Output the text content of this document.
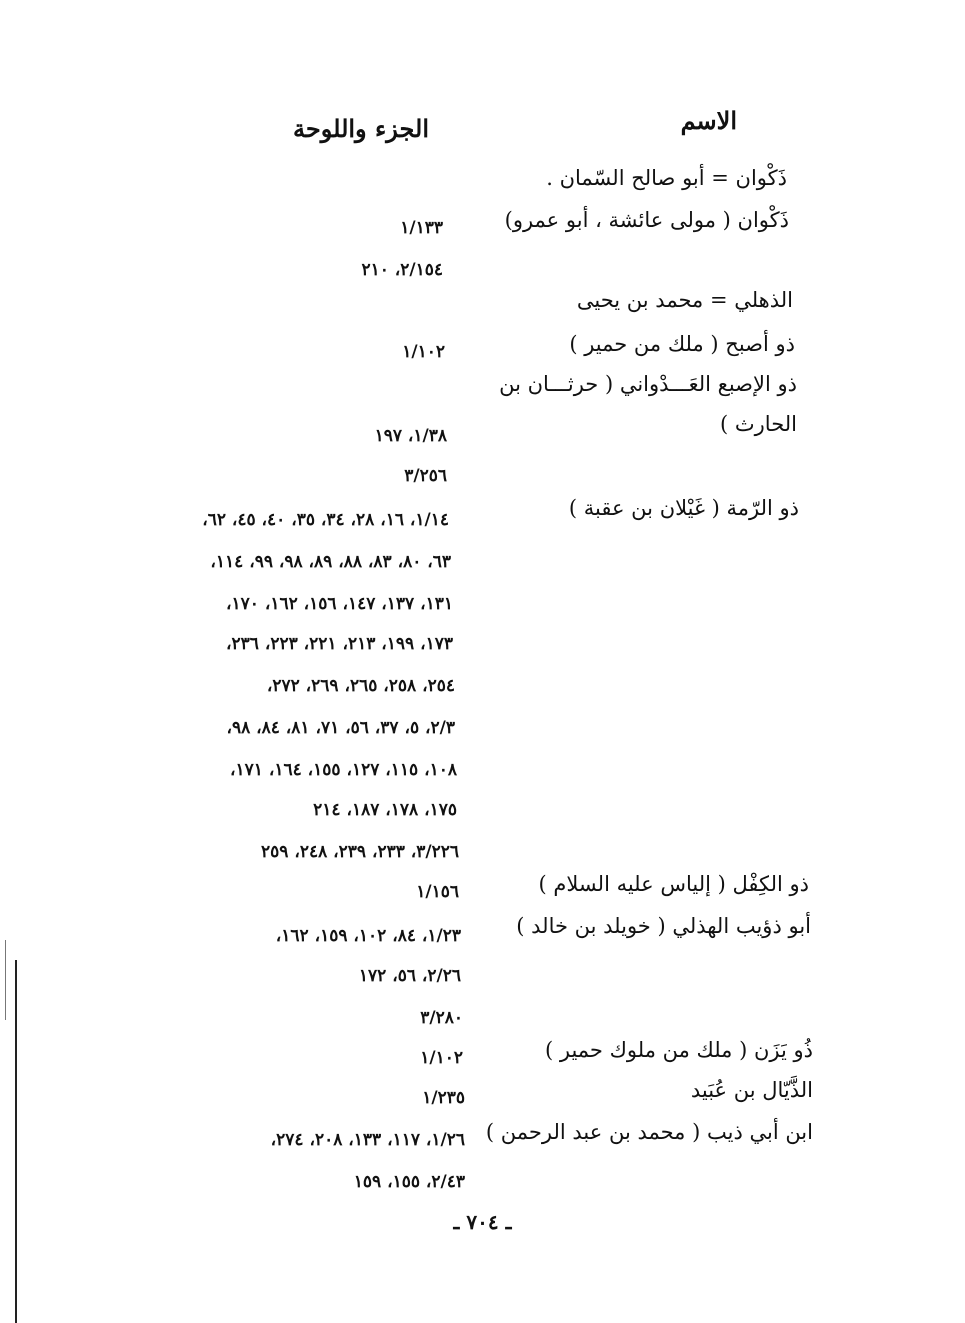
الاسم
الجزء واللوحة
ذَكْوان = أبو صالح السّمان .
ذَكْوان ( مولى عائشة ، أبو عمرو)
الذهلي = محمد بن يحيى
ذو أصبح ( ملك من حمير )
ذو الإصبع العَـــدْواني ( حرثـــان بن
الحارث )
ذو الرّمة ( غَيْلان بن عقبة )
ذو الكِفْل ( إلياس عليه السلام )
أبو ذؤيب الهذلي ( خويلد بن خالد )
ذُو يَزَن ( ملك من ملوك حمير )
الذَّيّال بن عُبَيد
ابن أبي ذيب ( محمد بن عبد الرحمن )
١/١٣٣
٢/١٥٤، ٢١٠
١/١٠٢
١/٣٨، ١٩٧
٣/٢٥٦
١/١٤، ١٦، ٢٨، ٣٤، ٣٥، ٤٠، ٤٥، ٦٢،
٦٣، ٨٠، ٨٣، ٨٨، ٨٩، ٩٨، ٩٩، ١١٤،
١٣١، ١٣٧، ١٤٧، ١٥٦، ١٦٢، ١٧٠،
١٧٣، ١٩٩، ٢١٣، ٢٢١، ٢٢٣، ٢٣٦،
٢٥٤، ٢٥٨، ٢٦٥، ٢٦٩، ٢٧٢،
٢/٣، ٥، ٣٧، ٥٦، ٧١، ٨١، ٨٤، ٩٨،
١٠٨، ١١٥، ١٢٧، ١٥٥، ١٦٤، ١٧١،
١٧٥، ١٧٨، ١٨٧، ٢١٤
٣/٢٢٦، ٢٣٣، ٢٣٩، ٢٤٨، ٢٥٩
١/١٥٦
١/٢٣، ٨٤، ١٠٢، ١٥٩، ١٦٢،
٢/٢٦، ٥٦، ١٧٢
٣/٢٨٠
١/١٠٢
١/٢٣٥
١/٢٦، ١١٧، ١٣٣، ٢٠٨، ٢٧٤،
٢/٤٣، ١٥٥، ١٥٩
ـ ٧٠٤ ـ
